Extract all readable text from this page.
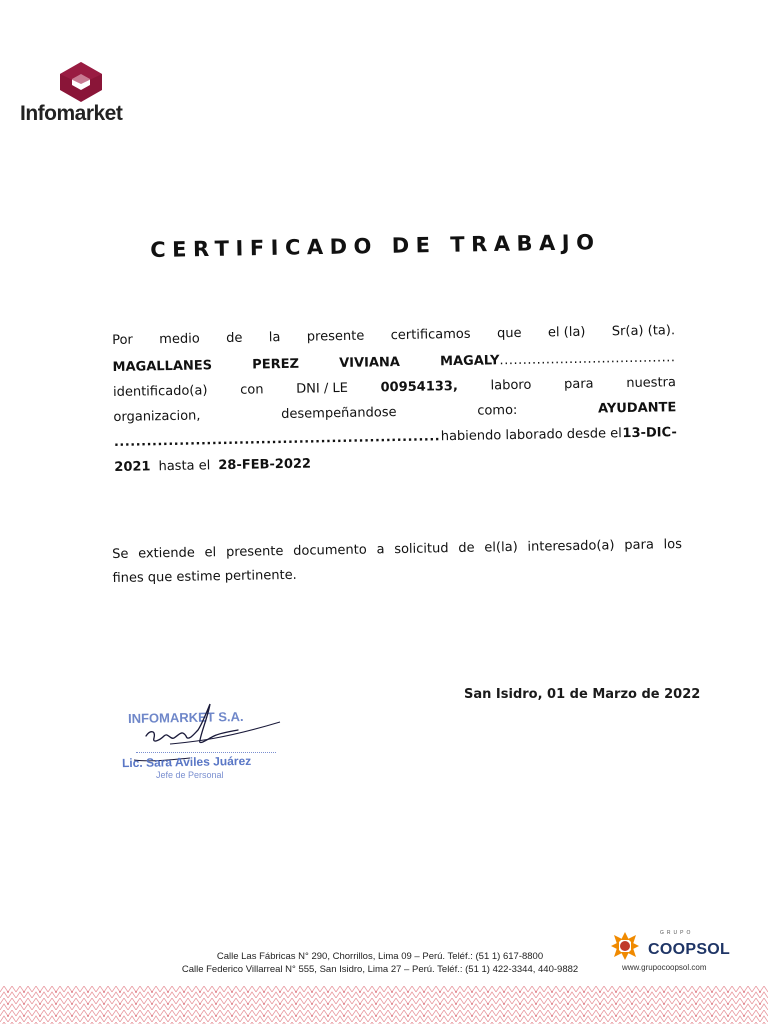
Infomarket
CERTIFICADO DE TRABAJO
Por medio de la presente certificamos que el (la) Sr(a) (ta).
MAGALLANES	PEREZ	VIVIANA	MAGALY......................................
identificado(a) con DNI / LE 00954133, laboro para nuestra
organizacion,	desempeñandose	como:	AYUDANTE
............................................................ habiendo laborado desde el 13-DIC-
2021 hasta el 28-FEB-2022
Se extiende el presente documento a solicitud de el(la) interesado(a) para los
fines que estime pertinente.
San Isidro, 01 de Marzo de 2022
INFOMARKET S.A.
Lic. Sara Aviles Juárez
Jefe de Personal
Calle Las Fábricas N° 290, Chorrillos, Lima 09 – Perú. Teléf.: (51 1) 617-8800
Calle Federico Villarreal N° 555, San Isidro, Lima 27 – Perú. Teléf.: (51 1) 422-3344, 440-9882
GRUPO
COOPSOL
www.grupocoopsol.com
